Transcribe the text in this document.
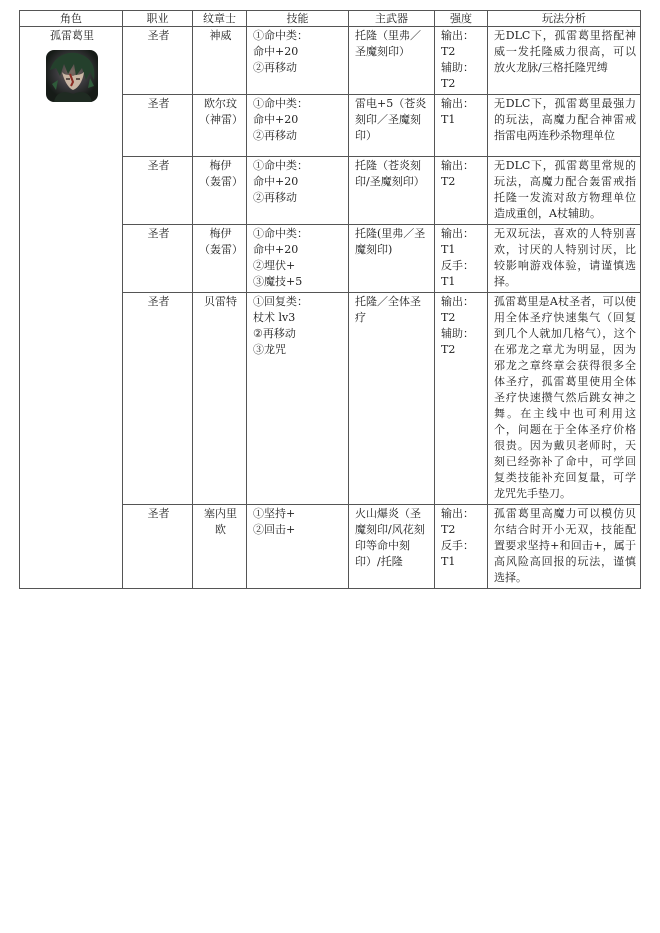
角色	职业	纹章士	技能	主武器	强度	玩法分析

孤雷葛里	圣者	神威	①命中类：
命中+20
②再移动	托隆（里弗／圣魔刻印）	输出：T2
辅助：T2	无DLC下，孤雷葛里搭配神威一发托隆威力很高，可以放火龙脉/三格托隆咒缚
	圣者	欧尔玟（神雷）	①命中类：
命中+20
②再移动	雷电+5（苍炎刻印／圣魔刻印）	输出：T1	无DLC下，孤雷葛里最强力的玩法，高魔力配合神雷戒指雷电两连秒杀物理单位
	圣者	梅伊（轰雷）	①命中类：
命中+20
②再移动	托隆（苍炎刻印/圣魔刻印）	输出：T2	无DLC下，孤雷葛里常规的玩法，高魔力配合轰雷戒指托隆一发流对敌方物理单位造成重创，A杖辅助。
	圣者	梅伊（轰雷）	①命中类：
命中+20
②埋伏+
③魔技+5	托隆(里弗／圣魔刻印)	输出：T1
反手：T1	无双玩法，喜欢的人特别喜欢，讨厌的人特别讨厌，比较影响游戏体验，请谨慎选择。
	圣者	贝雷特	①回复类：
杖术 lv3
②再移动
③龙咒	托隆／全体圣疗	输出：T2
辅助：T2	孤雷葛里是A杖圣者，可以使用全体圣疗快速集气（回复到几个人就加几格气），这个在邪龙之章尤为明显，因为邪龙之章终章会获得很多全体圣疗，孤雷葛里使用全体圣疗快速攒气然后跳女神之舞。在主线中也可利用这个，问题在于全体圣疗价格很贵。因为戴贝老师时，天刻已经弥补了命中，可学回复类技能补充回复量，可学龙咒先手垫刀。
	圣者	塞内里欧	①坚持+
②回击+	火山爆炎（圣魔刻印/风花刻印等命中刻印）/托隆	输出：T2
反手：T1	孤雷葛里高魔力可以模仿贝尔结合时开小无双，技能配置要求坚持+和回击+，属于高风险高回报的玩法，谨慎选择。
